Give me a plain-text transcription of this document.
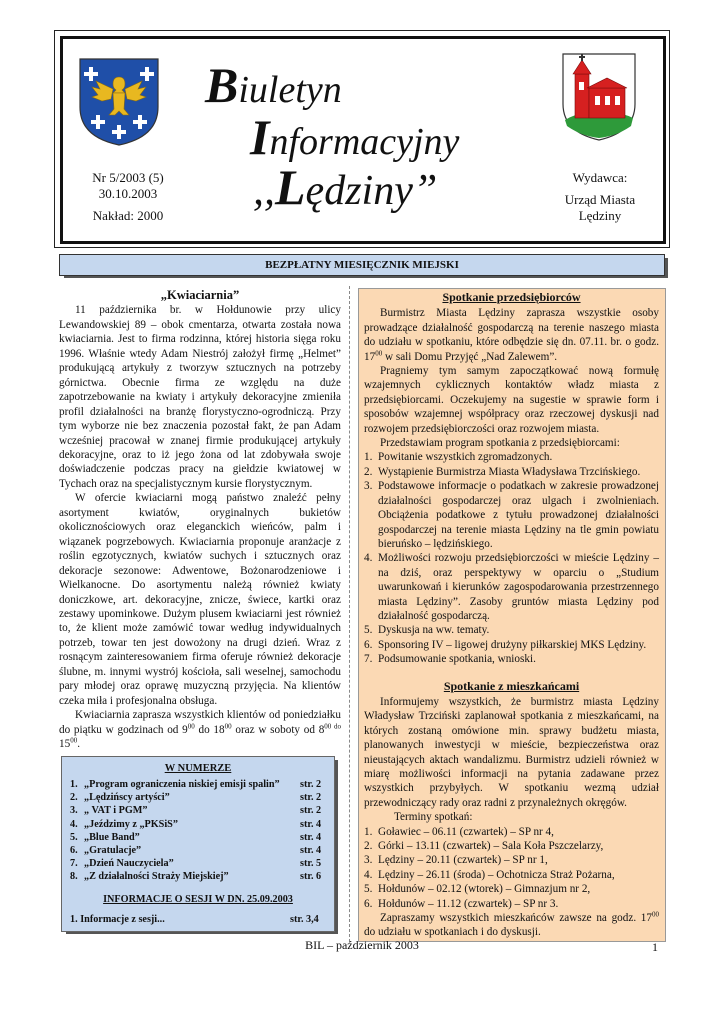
Biuletyn
Informacyjny
,,Lędziny”
Nr 5/2003 (5)
30.10.2003
Nakład: 2000
Wydawca:
Urząd Miasta
Lędziny
BEZPŁATNY MIESIĘCZNIK MIEJSKI
„Kwiaciarnia”

11 października br. w Hołdunowie przy ulicy Lewandowskiej 89 – obok cmentarza, otwarta została nowa kwiaciarnia. Jest to firma rodzinna, której historia sięga roku 1996. Właśnie wtedy Adam Niestrój założył firmę „Helmet” produkującą artykuły z tworzyw sztucznych na potrzeby górnictwa. Obecnie firma ze względu na duże zapotrzebowanie na kwiaty i artykuły dekoracyjne zmieniła profil działalności na branżę florystyczno-ogrodniczą. Przy tym wyborze nie bez znaczenia pozostał fakt, że pan Adam wcześniej pracował w znanej firmie produkującej artykuły dekoracyjne, oraz to iż jego żona od lat zdobywała swoje doświadczenie podczas pracy na giełdzie kwiatowej w Tychach oraz na specjalistycznym kursie florystycznym.

W ofercie kwiaciarni mogą państwo znaleźć pełny asortyment kwiatów, oryginalnych bukietów okolicznościowych oraz eleganckich wieńców, palm i wiązanek pogrzebowych. Kwiaciarnia proponuje aranżacje z roślin egzotycznych, kwiatów suchych i sztucznych oraz dekoracje sezonowe: Adwentowe, Bożonarodzeniowe i Wielkanocne. Do asortymentu należą również kwiaty doniczkowe, art. dekoracyjne, znicze, świece, kartki oraz zestawy upominkowe. Dużym plusem kwiaciarni jest również to, że klient może zamówić towar według indywidualnych potrzeb, towar ten jest dowożony na drugi dzień. Wraz z rosnącym zainteresowaniem firma oferuje również dekoracje ślubne, m. innymi wystrój kościoła, sali weselnej, samochodu pary młodej oraz oprawę muzyczną przyjęcia. Na klientów czeka miła i profesjonalna obsługa.

Kwiaciarnia zaprasza wszystkich klientów od poniedziałku do piątku w godzinach od $9^{00}$ do $18^{00}$ oraz w soboty od $8^{00 do}$ $15^{00}$.

W NUMERZE
1. „Program ograniczenia niskiej emisji spalin” str. 2
2. „Lędzińscy artyści”	str. 2
3. „ VAT i PGM”	str. 2
4. „Jeździmy z „PKSiS”	str. 4
5. „Blue Band”	str. 4
6. „Gratulacje”	str. 4
7. „Dzień Nauczyciela”	str. 5
8. „Z działalności Straży Miejskiej”	str. 6
INFORMACJE O SESJI W DN. 25.09.2003
1. Informacje z sesji...	str. 3,4
Spotkanie przedsiębiorców

Burmistrz Miasta Lędziny zaprasza wszystkie osoby prowadzące działalność gospodarczą na terenie naszego miasta do udziału w spotkaniu, które odbędzie się dn. 07.11. br. o godz. $17^{00}$ w sali Domu Przyjęć „Nad Zalewem”.

Pragniemy tym samym zapoczątkować nową formułę wzajemnych cyklicznych kontaktów władz miasta z przedsiębiorcami. Oczekujemy na sugestie w sprawie form i sposobów wzajemnej współpracy oraz rzeczowej dyskusji nad rozwojem przedsiębiorczości oraz rozwojem miasta.

Przedstawiam program spotkania z przedsiębiorcami:

1. Powitanie wszystkich zgromadzonych.
2. Wystąpienie Burmistrza Miasta Władysława Trzcińskiego.
3. Podstawowe informacje o podatkach w zakresie prowadzonej działalności gospodarczej oraz ulgach i zwolnieniach. Obciążenia podatkowe z tytułu prowadzonej działalności gospodarczej na terenie miasta Lędziny na tle gmin powiatu bieruńsko – lędzińskiego.
4. Możliwości rozwoju przedsiębiorczości w mieście Lędziny – na dziś, oraz perspektywy w oparciu o „Studium uwarunkowań i kierunków zagospodarowania przestrzennego miasta Lędziny”. Zasoby gruntów miasta Lędziny pod działalność gospodarczą.
5. Dyskusja na ww. tematy.
6. Sponsoring IV – ligowej drużyny piłkarskiej MKS Lędziny.
7. Podsumowanie spotkania, wnioski.
Spotkanie z mieszkańcami

Informujemy wszystkich, że burmistrz miasta Lędziny Władysław Trzciński zaplanował spotkania z mieszkańcami, na których zostaną omówione min. sprawy budżetu miasta, planowanych inwestycji w mieście, bezpieczeństwa oraz nieustających aktach wandalizmu. Burmistrz udzieli również w miarę możliwości informacji na pytania zadawane przez wszystkich przybyłych. W spotkaniu wezmą udział przewodniczący rady oraz radni z przynależnych okręgów.

Terminy spotkań:

1. Goławiec – 06.11 (czwartek) – SP nr 4,
2. Górki – 13.11 (czwartek) – Sala Koła Pszczelarzy,
3. Lędziny – 20.11 (czwartek) – SP nr 1,
4. Lędziny – 26.11 (środa) – Ochotnicza Straż Pożarna,
5. Hołdunów – 02.12 (wtorek) – Gimnazjum nr 2,
6. Hołdunów – 11.12 (czwartek) – SP nr 3.

Zapraszamy wszystkich mieszkańców zawsze na godz. $17^{00}$ do udziału w spotkaniach i do dyskusji.

BIL – październik 2003	1
